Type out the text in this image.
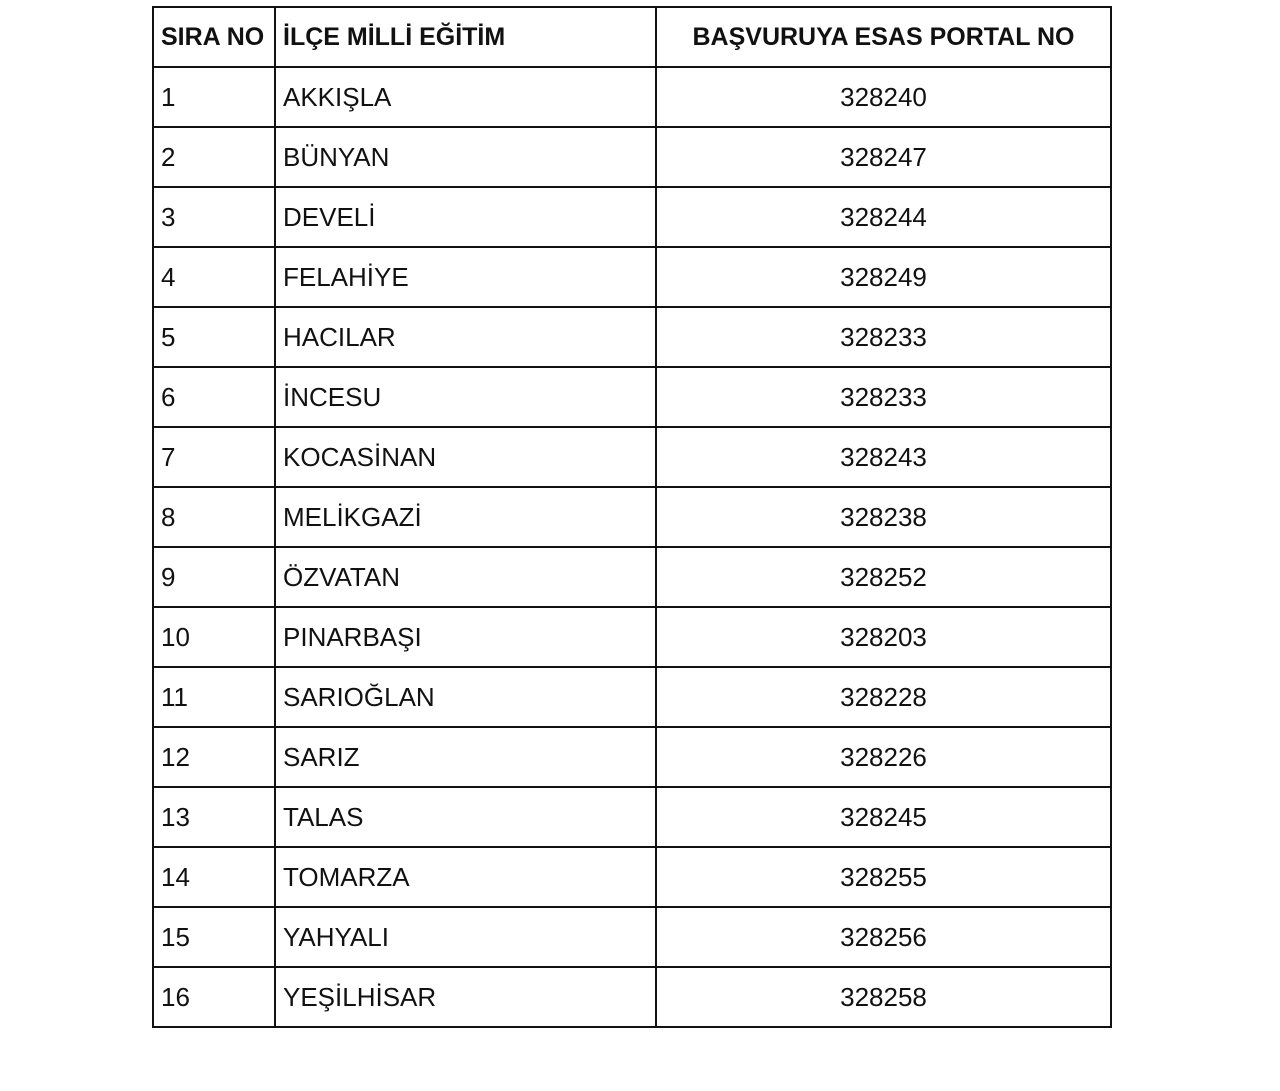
SIRA NO	İLÇE MİLLİ EĞİTİM	BAŞVURUYA ESAS PORTAL NO
1	AKKIŞLA	328240
2	BÜNYAN	328247
3	DEVELİ	328244
4	FELAHİYE	328249
5	HACILAR	328233
6	İNCESU	328233
7	KOCASİNAN	328243
8	MELİKGAZİ	328238
9	ÖZVATAN	328252
10	PINARBAŞI	328203
11	SARIOĞLAN	328228
12	SARIZ	328226
13	TALAS	328245
14	TOMARZA	328255
15	YAHYALI	328256
16	YEŞİLHİSAR	328258
